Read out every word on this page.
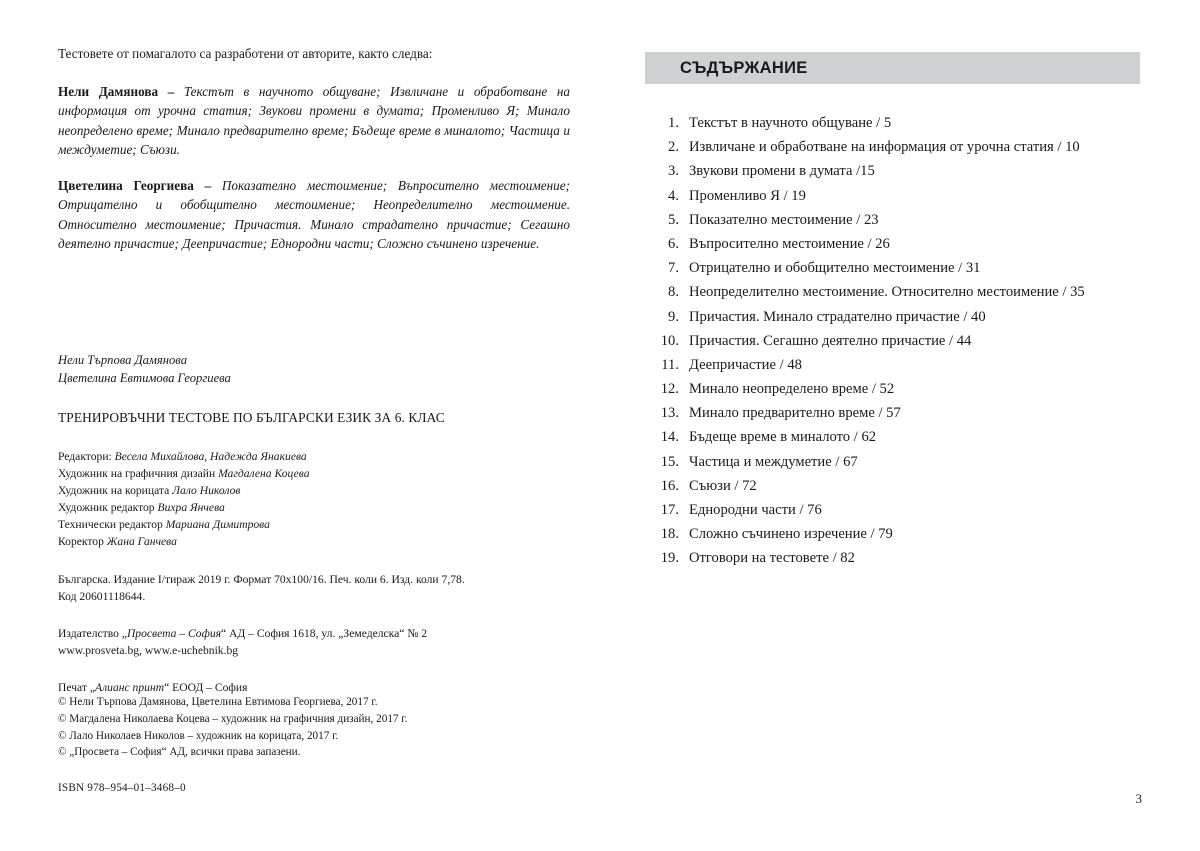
Тестовете от помагалото са разработени от авторите, както следва:
Нели Дамянова – Текстът в научното общуване; Извличане и обработване на информация от урочна статия; Звукови промени в думата; Променливо Я; Минало неопределено време; Минало предварително време; Бъдеще време в миналото; Частица и междуметие; Съюзи.
Цветелина Георгиева – Показателно местоимение; Въпросително местоимение; Отрицателно и обобщително местоимение; Неопределително местоимение. Относително местоимение; Причастия. Минало страдателно причастие; Сегашно деятелно причастие; Деепричастие; Еднородни части; Сложно съчинено изречение.
Нели Търпова Дамянова
Цветелина Евтимова Георгиева
ТРЕНИРОВЪЧНИ ТЕСТОВЕ ПО БЪЛГАРСКИ ЕЗИК ЗА 6. КЛАС
Редактори: Весела Михайлова, Надежда Янакиева
Художник на графичния дизайн Магдалена Коцева
Художник на корицата Лало Николов
Художник редактор Вихра Янчева
Технически редактор Мариана Димитрова
Коректор Жана Ганчева
Българска. Издание I/тираж 2019 г. Формат 70x100/16. Печ. коли 6. Изд. коли 7,78.
Код 20601118644.
Издателство „Просвета – София“ АД – София 1618, ул. „Земеделска“ № 2
www.prosveta.bg, www.e-uchebnik.bg
Печат „Алианс принт“ ЕООД – София
© Нели Търпова Дамянова, Цветелина Евтимова Георгиева, 2017 г.
© Магдалена Николаева Коцева – художник на графичния дизайн, 2017 г.
© Лало Николаев Николов – художник на корицата, 2017 г.
© „Просвета – София“ АД, всички права запазени.
ISBN 978–954–01–3468–0
СЪДЪРЖАНИЕ
1. Текстът в научното общуване / 5
2. Извличане и обработване на информация от урочна статия / 10
3. Звукови промени в думата /15
4. Променливо Я / 19
5. Показателно местоимение / 23
6. Въпросително местоимение / 26
7. Отрицателно и обобщително местоимение / 31
8. Неопределително местоимение. Относително местоимение / 35
9. Причастия. Минало страдателно причастие / 40
10. Причастия. Сегашно деятелно причастие / 44
11. Деепричастие / 48
12. Минало неопределено време / 52
13. Минало предварително време / 57
14. Бъдеще време в миналото / 62
15. Частица и междуметие / 67
16. Съюзи / 72
17. Еднородни части / 76
18. Сложно съчинено изречение / 79
19. Отговори на тестовете / 82
3
